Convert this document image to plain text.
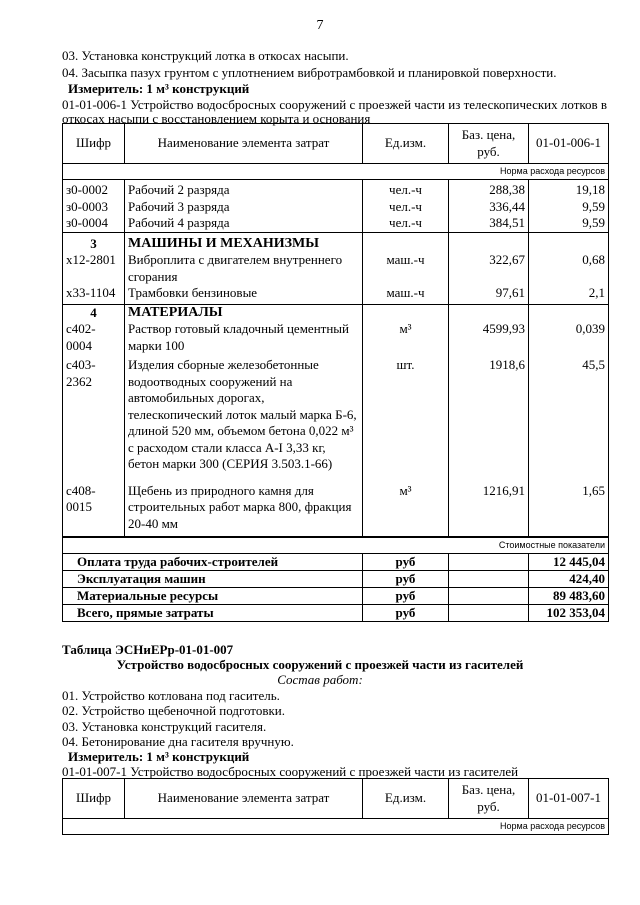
7
03. Установка конструкций лотка в откосах насыпи.
04. Засыпка пазух грунтом с уплотнением вибротрамбовкой и планировкой поверхности.
Измеритель: 1 м³ конструкций
01-01-006-1 Устройство водосбросных сооружений с проезжей части из телескопических лотков в
откосах насыпи с восстановлением корыта и основания
Шифр	Наименование элемента затрат	Ед.изм.	Баз. цена, руб.	01-01-006-1
Норма расхода ресурсов				
з0-0002	Рабочий 2 разряда	чел.-ч	288,38	19,18
з0-0003	Рабочий 3 разряда	чел.-ч	336,44	9,59
з0-0004	Рабочий 4 разряда	чел.-ч	384,51	9,59
3	МАШИНЫ И МЕХАНИЗМЫ			
х12-2801	Виброплита с двигателем внутреннего сгорания	маш.-ч	322,67	0,68
х33-1104	Трамбовки бензиновые	маш.-ч	97,61	2,1
4	МАТЕРИАЛЫ			
с402-0004	Раствор готовый кладочный цементный марки 100	м³	4599,93	0,039
с403-2362	Изделия сборные железобетонные водоотводных сооружений на автомобильных дорогах, телескопический лоток малый марка Б-6, длиной 520 мм, объемом бетона 0,022 м³ с расходом стали класса А-I 3,33 кг, бетон марки 300 (СЕРИЯ 3.503.1-66)	шт.	1918,6	45,5
с408-0015	Щебень из природного камня для строительных работ марка 800, фракция 20-40 мм	м³	1216,91	1,65
Стоимостные показатели				
Оплата труда рабочих-строителей		руб		12 445,04
Эксплуатация машин		руб		424,40
Материальные ресурсы		руб		89 483,60
Всего, прямые затраты		руб		102 353,04
Таблица ЭСНиЕРр-01-01-007
Устройство водосбросных сооружений с проезжей части из гасителей
Состав работ:
01. Устройство котлована под гаситель.
02. Устройство щебеночной подготовки.
03. Установка конструкций гасителя.
04. Бетонирование дна гасителя вручную.
Измеритель: 1 м³ конструкций
01-01-007-1 Устройство водосбросных сооружений с проезжей части из гасителей
Шифр	Наименование элемента затрат	Ед.изм.	Баз. цена, руб.	01-01-007-1
Норма расхода ресурсов
